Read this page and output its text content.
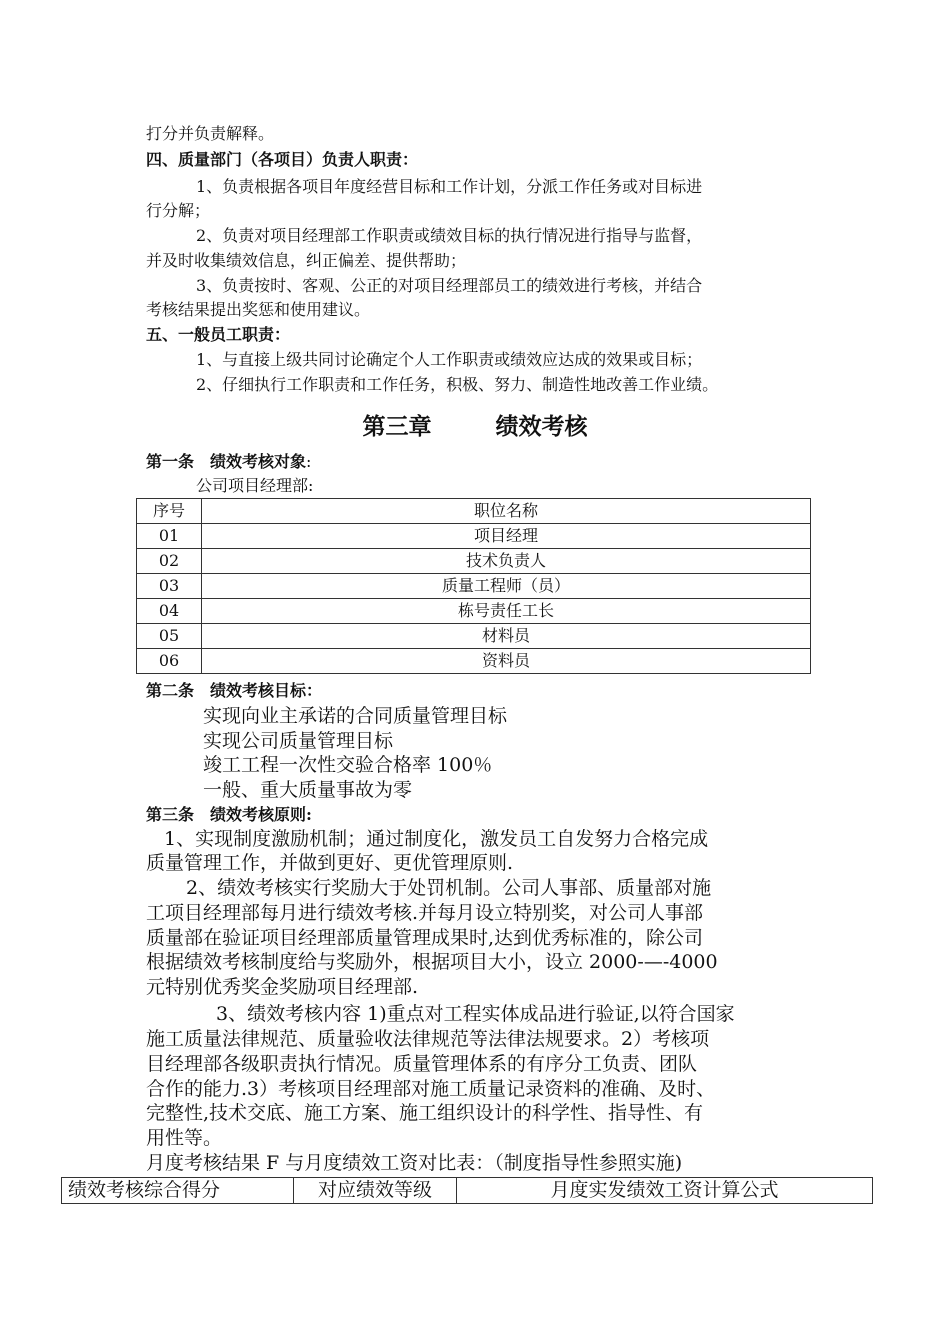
打分并负责解释。
四、质量部门（各项目）负责人职责：
1、负责根据各项目年度经营目标和工作计划，分派工作任务或对目标进
行分解；
2、负责对项目经理部工作职责或绩效目标的执行情况进行指导与监督，
并及时收集绩效信息，纠正偏差、提供帮助；
3、负责按时、客观、公正的对项目经理部员工的绩效进行考核，并结合
考核结果提出奖惩和使用建议。
五、一般员工职责：
1、与直接上级共同讨论确定个人工作职责或绩效应达成的效果或目标；
2、仔细执行工作职责和工作任务，积极、努力、制造性地改善工作业绩。
第三章	绩效考核
第一条　绩效考核对象:
公司项目经理部:
序号	职位名称
01	项目经理
02	技术负责人
03	质量工程师（员）
04	栋号责任工长
05	材料员
06	资料员
第二条　绩效考核目标：
实现向业主承诺的合同质量管理目标
实现公司质量管理目标
竣工工程一次性交验合格率 100％
一般、重大质量事故为零
第三条　绩效考核原则:
1、实现制度激励机制；通过制度化，激发员工自发努力合格完成
质量管理工作，并做到更好、更优管理原则.
2、绩效考核实行奖励大于处罚机制。公司人事部、质量部对施
工项目经理部每月进行绩效考核.并每月设立特别奖，对公司人事部
质量部在验证项目经理部质量管理成果时,达到优秀标准的，除公司
根据绩效考核制度给与奖励外，根据项目大小，设立 2000-—-4000
元特别优秀奖金奖励项目经理部.
3、绩效考核内容 1)重点对工程实体成品进行验证,以符合国家
施工质量法律规范、质量验收法律规范等法律法规要求。2）考核项
目经理部各级职责执行情况。质量管理体系的有序分工负责、团队
合作的能力.3）考核项目经理部对施工质量记录资料的准确、及时、
完整性,技术交底、施工方案、施工组织设计的科学性、指导性、有
用性等。
月度考核结果 F 与月度绩效工资对比表：（制度指导性参照实施)
绩效考核综合得分	对应绩效等级	月度实发绩效工资计算公式
